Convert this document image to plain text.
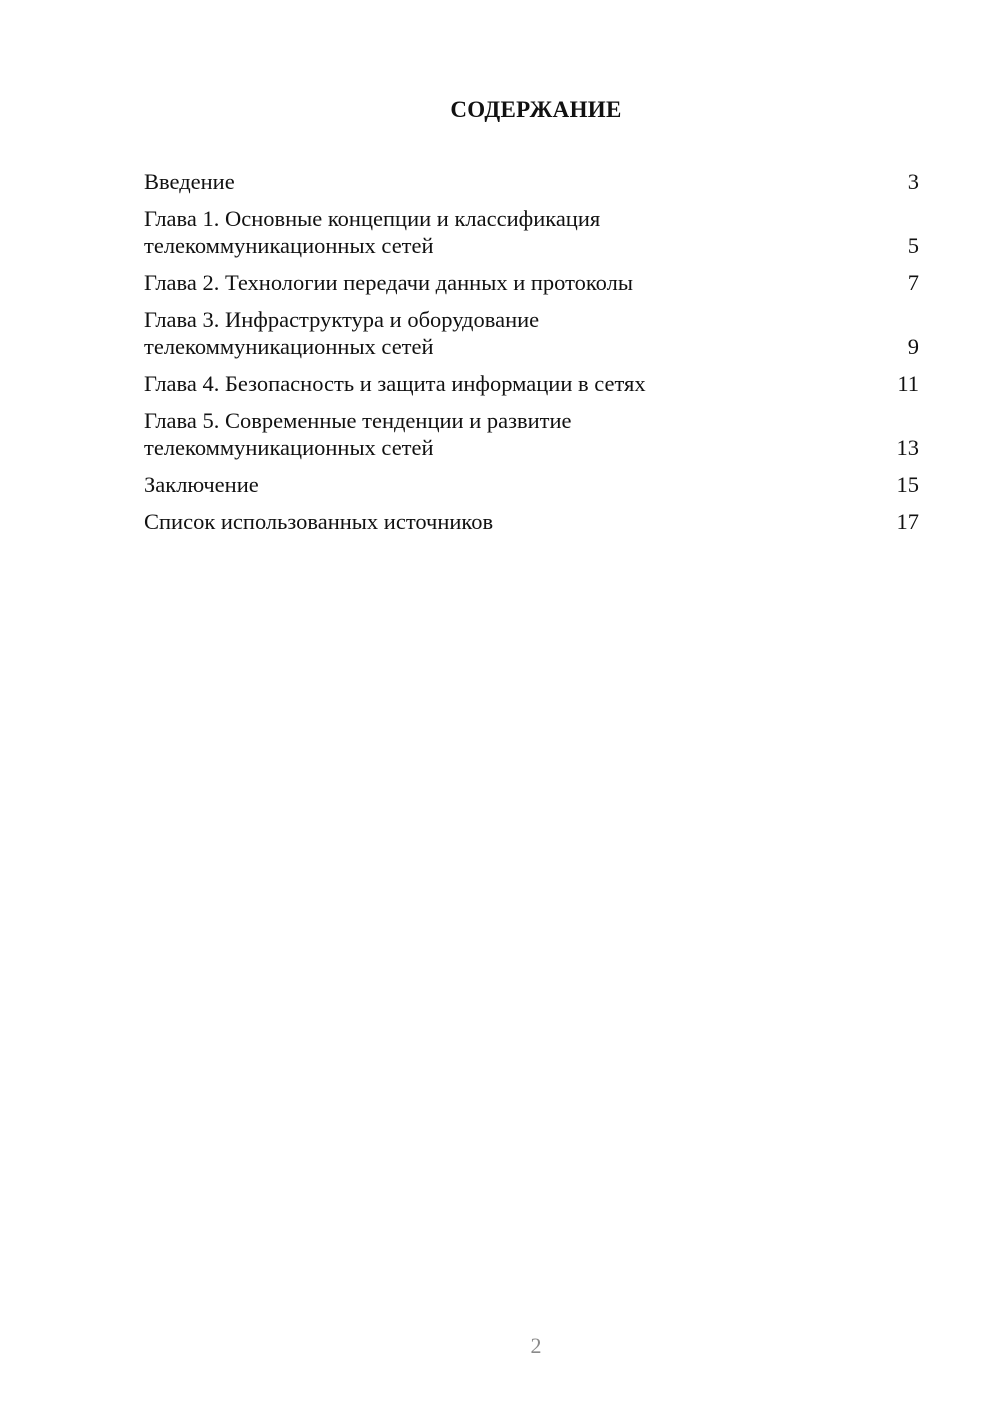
СОДЕРЖАНИЕ
Введение	3
Глава 1. Основные концепции и классификация
телекоммуникационных сетей	5
Глава 2. Технологии передачи данных и протоколы	7
Глава 3. Инфраструктура и оборудование
телекоммуникационных сетей	9
Глава 4. Безопасность и защита информации в сетях	11
Глава 5. Современные тенденции и развитие
телекоммуникационных сетей	13
Заключение	15
Список использованных источников	17
2
